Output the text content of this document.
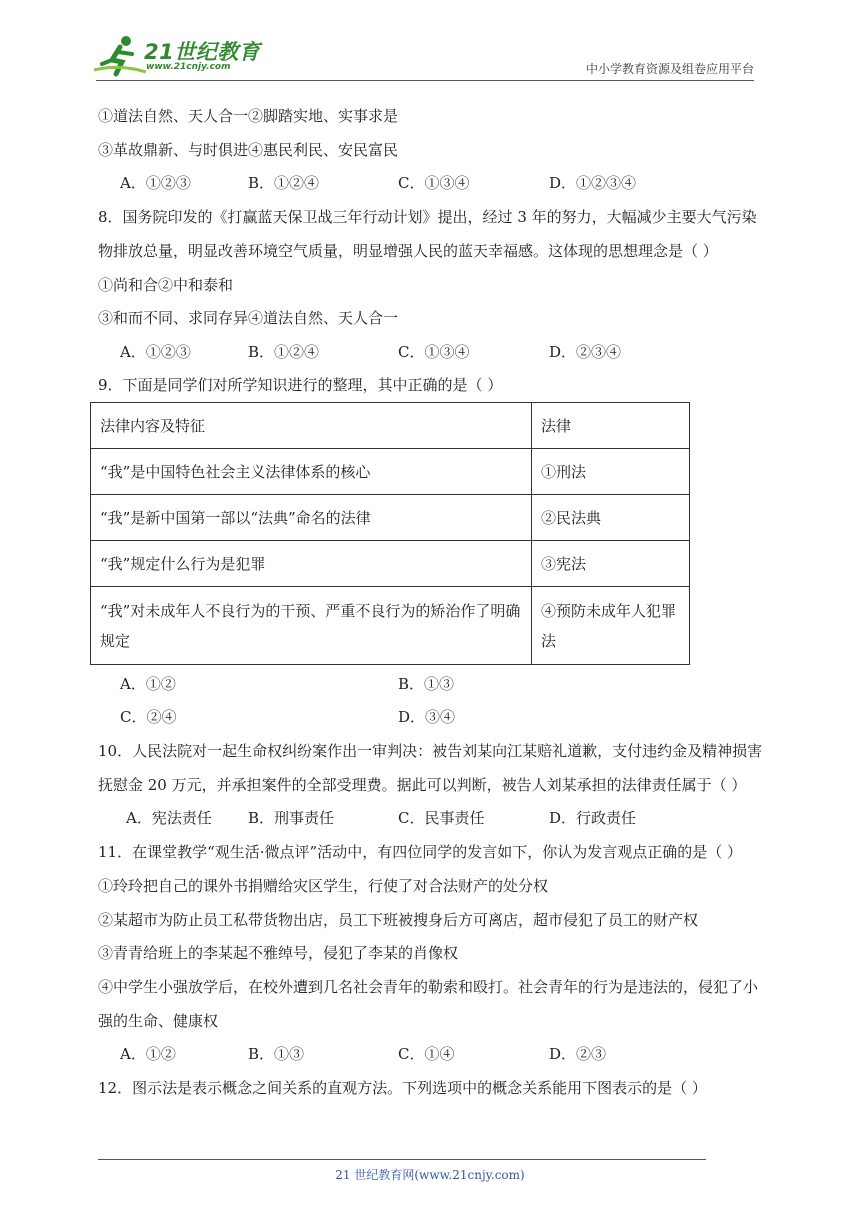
21世纪教育
www.21cnjy.com	中小学教育资源及组卷应用平台
①道法自然、天人合一②脚踏实地、实事求是
③革故鼎新、与时俱进④惠民利民、安民富民
A．①②③	B．①②④	C．①③④	D．①②③④
8．国务院印发的《打赢蓝天保卫战三年行动计划》提出，经过 3 年的努力，大幅减少主要大气污染
物排放总量，明显改善环境空气质量，明显增强人民的蓝天幸福感。这体现的思想理念是（ ）
①尚和合②中和泰和
③和而不同、求同存异④道法自然、天人合一
A．①②③	B．①②④	C．①③④	D．②③④
9．下面是同学们对所学知识进行的整理，其中正确的是（ ）
法律内容及特征	法律
“我”是中国特色社会主义法律体系的核心	①刑法
“我”是新中国第一部以“法典”命名的法律	②民法典
“我”规定什么行为是犯罪	③宪法
“我”对未成年人不良行为的干预、严重不良行为的矫治作了明确规定	④预防未成年人犯罪法
A．①②	B．①③
C．②④	D．③④
10．人民法院对一起生命权纠纷案作出一审判决：被告刘某向江某赔礼道歉，支付违约金及精神损害
抚慰金 20 万元，并承担案件的全部受理费。据此可以判断，被告人刘某承担的法律责任属于（ ）
A．宪法责任 B．刑事责任	C．民事责任	D．行政责任
11．在课堂教学“观生活·微点评”活动中，有四位同学的发言如下，你认为发言观点正确的是（ ）
①玲玲把自己的课外书捐赠给灾区学生，行使了对合法财产的处分权
②某超市为防止员工私带货物出店，员工下班被搜身后方可离店，超市侵犯了员工的财产权
③青青给班上的李某起不雅绰号，侵犯了李某的肖像权
④中学生小强放学后，在校外遭到几名社会青年的勒索和殴打。社会青年的行为是违法的，侵犯了小
强的生命、健康权
A．①②	B．①③	C．①④	D．②③
12．图示法是表示概念之间关系的直观方法。下列选项中的概念关系能用下图表示的是（ ）
21 世纪教育网(www.21cnjy.com)
